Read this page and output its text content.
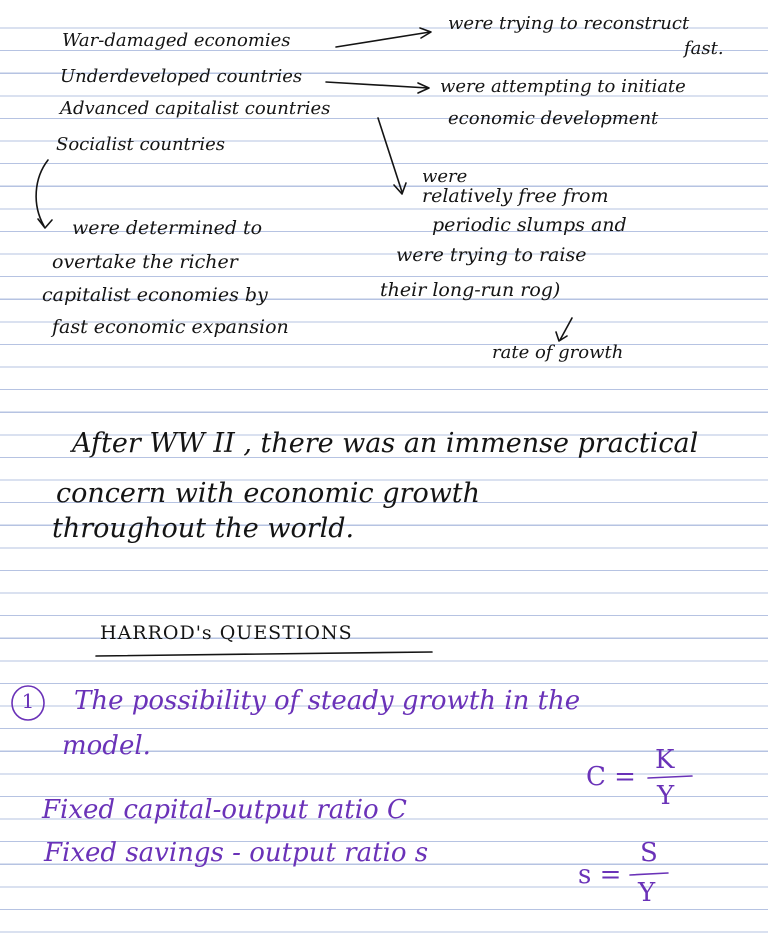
War-damaged economies
were trying to reconstruct
fast.
Underdeveloped countries	were attempting to initiate
economic development
Advanced capitalist countries
Socialist countries
were
relatively free from
periodic slumps and
were trying to raise
their long-run rog)
rate of growth
were determined to
overtake the richer
capitalist economies by
fast economic expansion
After WW II , there was an immense practical
concern with economic growth
throughout the world.
HARROD's QUESTIONS
1	The possibility of steady growth in the
model.
Fixed capital-output ratio C
Fixed savings - output ratio s
C =
K
Y
s =
S
Y
